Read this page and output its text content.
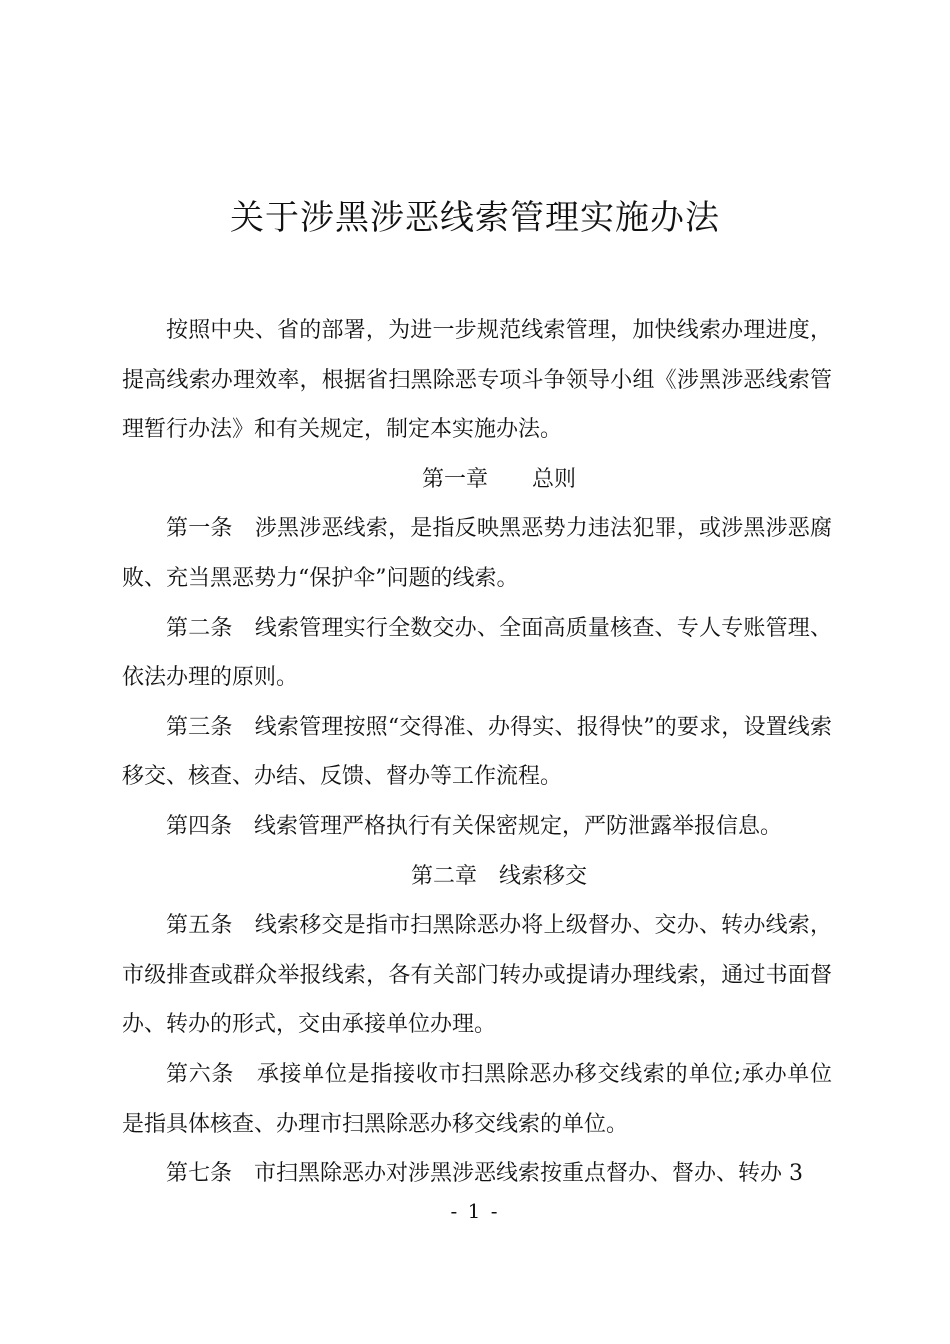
关于涉黑涉恶线索管理实施办法

按照中央、省的部署，为进一步规范线索管理，加快线索办理进度，提高线索办理效率，根据省扫黑除恶专项斗争领导小组《涉黑涉恶线索管理暂行办法》和有关规定，制定本实施办法。

第一章 总则

第一条 涉黑涉恶线索，是指反映黑恶势力违法犯罪，或涉黑涉恶腐败、充当黑恶势力“保护伞”问题的线索。

第二条 线索管理实行全数交办、全面高质量核查、专人专账管理、依法办理的原则。

第三条 线索管理按照“交得准、办得实、报得快”的要求，设置线索移交、核查、办结、反馈、督办等工作流程。

第四条 线索管理严格执行有关保密规定，严防泄露举报信息。

第二章 线索移交

第五条 线索移交是指市扫黑除恶办将上级督办、交办、转办线索，市级排查或群众举报线索，各有关部门转办或提请办理线索，通过书面督办、转办的形式，交由承接单位办理。

第六条 承接单位是指接收市扫黑除恶办移交线索的单位;承办单位是指具体核查、办理市扫黑除恶办移交线索的单位。

第七条 市扫黑除恶办对涉黑涉恶线索按重点督办、督办、转办 3

- 1 -
